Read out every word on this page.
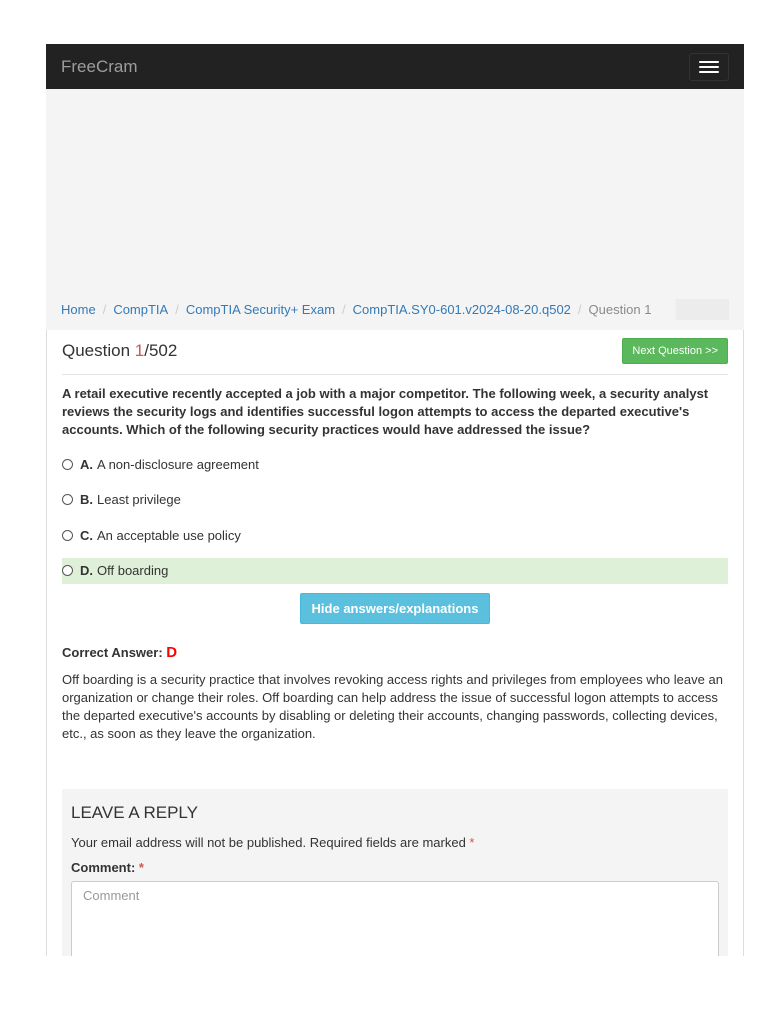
FreeCram
Home / CompTIA / CompTIA Security+ Exam / CompTIA.SY0-601.v2024-08-20.q502 / Question 1
Question 1/502	Next Question >>

A retail executive recently accepted a job with a major competitor. The following week, a security analyst reviews the security logs and identifies successful logon attempts to access the departed executive's accounts. Which of the following security practices would have addressed the issue?

A. A non-disclosure agreement
B. Least privilege
C. An acceptable use policy
D. Off boarding
Hide answers/explanations

Correct Answer: D

Off boarding is a security practice that involves revoking access rights and privileges from employees who leave an organization or change their roles. Off boarding can help address the issue of successful logon attempts to access the departed executive's accounts by disabling or deleting their accounts, changing passwords, collecting devices, etc., as soon as they leave the organization.

LEAVE A REPLY

Your email address will not be published. Required fields are marked *

Comment: *
Comment
